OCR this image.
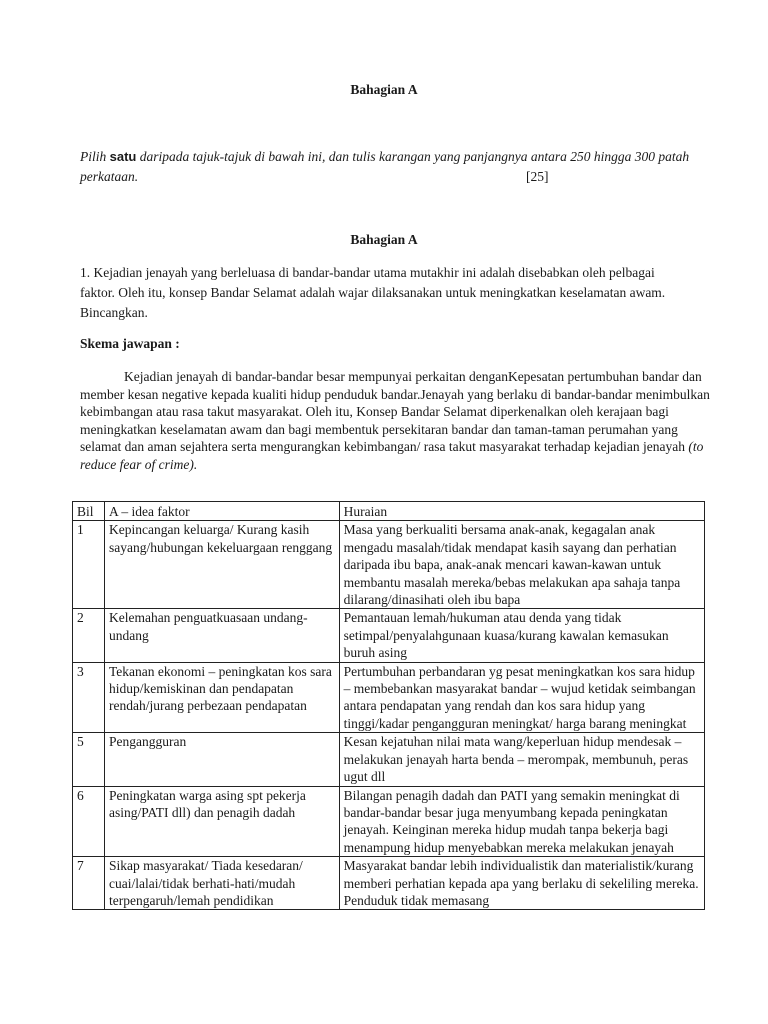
Bahagian A
Pilih satu daripada tajuk-tajuk di bawah ini, dan tulis karangan yang panjangnya antara 250 hingga 300 patah perkataan.	[25]
Bahagian A
1. Kejadian jenayah yang berleluasa di bandar-bandar utama mutakhir ini adalah disebabkan oleh pelbagai faktor. Oleh itu, konsep Bandar Selamat adalah wajar dilaksanakan untuk meningkatkan keselamatan awam. Bincangkan.
Skema jawapan :
Kejadian jenayah di bandar-bandar besar mempunyai perkaitan denganKepesatan pertumbuhan bandar dan member kesan negative kepada kualiti hidup penduduk bandar.Jenayah yang berlaku di bandar-bandar menimbulkan kebimbangan atau rasa takut masyarakat. Oleh itu, Konsep Bandar Selamat diperkenalkan oleh kerajaan bagi meningkatkan keselamatan awam dan bagi membentuk persekitaran bandar dan taman-taman perumahan yang selamat dan aman sejahtera serta mengurangkan kebimbangan/ rasa takut masyarakat terhadap kejadian jenayah (to reduce fear of crime).
Bil	A – idea faktor	Huraian
1	Kepincangan keluarga/ Kurang kasih sayang/hubungan kekeluargaan renggang	Masa yang berkualiti bersama anak-anak, kegagalan anak mengadu masalah/tidak mendapat kasih sayang dan perhatian daripada ibu bapa, anak-anak mencari kawan-kawan untuk membantu masalah mereka/bebas melakukan apa sahaja tanpa dilarang/dinasihati oleh ibu bapa
2	Kelemahan penguatkuasaan undang-undang	Pemantauan lemah/hukuman atau denda yang tidak setimpal/penyalahgunaan kuasa/kurang kawalan kemasukan buruh asing
3	Tekanan ekonomi – peningkatan kos sara hidup/kemiskinan dan pendapatan rendah/jurang perbezaan pendapatan	Pertumbuhan perbandaran yg pesat meningkatkan kos sara hidup – membebankan masyarakat bandar – wujud ketidak seimbangan antara pendapatan yang rendah dan kos sara hidup yang tinggi/kadar pengangguran meningkat/ harga barang meningkat
5	Pengangguran	Kesan kejatuhan nilai mata wang/keperluan hidup mendesak – melakukan jenayah harta benda – merompak, membunuh, peras ugut dll
6	Peningkatan warga asing spt pekerja asing/PATI dll) dan penagih dadah	Bilangan penagih dadah dan PATI yang semakin meningkat di bandar-bandar besar juga menyumbang kepada peningkatan jenayah. Keinginan mereka hidup mudah tanpa bekerja bagi menampung hidup menyebabkan mereka melakukan jenayah
7	Sikap masyarakat/ Tiada kesedaran/ cuai/lalai/tidak berhati-hati/mudah terpengaruh/lemah pendidikan	Masyarakat bandar lebih individualistik dan materialistik/kurang memberi perhatian kepada apa yang berlaku di sekeliling mereka. Penduduk tidak memasang
